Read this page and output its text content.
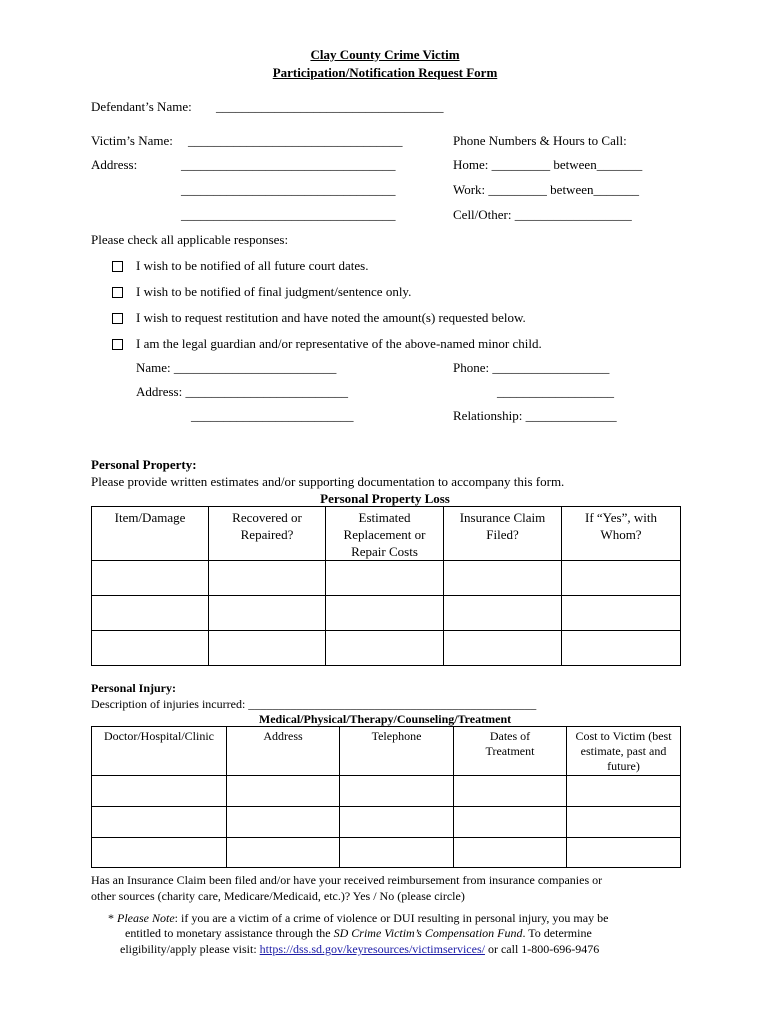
Clay County Crime Victim
Participation/Notification Request Form
Defendant’s Name: ___________________________________
Victim’s Name: _________________________________
Address:	_________________________________
_________________________________
_________________________________
Phone Numbers & Hours to Call:
Home: _________ between_______
Work: _________ between_______
Cell/Other: __________________
Please check all applicable responses:
I wish to be notified of all future court dates.
I wish to be notified of final judgment/sentence only.
I wish to request restitution and have noted the amount(s) requested below.
I am the legal guardian and/or representative of the above-named minor child.
Name: _________________________	Phone: __________________
Address: _________________________	__________________
_________________________	Relationship: ______________
Personal Property:
Please provide written estimates and/or supporting documentation to accompany this form.
Personal Property Loss
Item/Damage	Recovered or Repaired?	Estimated Replacement or Repair Costs	Insurance Claim Filed?	If “Yes”, with Whom?

Personal Injury:
Description of injuries incurred: ________________________________________________
Medical/Physical/Therapy/Counseling/Treatment
Doctor/Hospital/Clinic	Address	Telephone	Dates of Treatment	Cost to Victim (best estimate, past and future)

Has an Insurance Claim been filed and/or have your received reimbursement from insurance companies or
other sources (charity care, Medicare/Medicaid, etc.)? Yes / No (please circle)
* Please Note: if you are a victim of a crime of violence or DUI resulting in personal injury, you may be
entitled to monetary assistance through the SD Crime Victim’s Compensation Fund. To determine
eligibility/apply please visit: https://dss.sd.gov/keyresources/victimservices/ or call 1-800-696-9476
